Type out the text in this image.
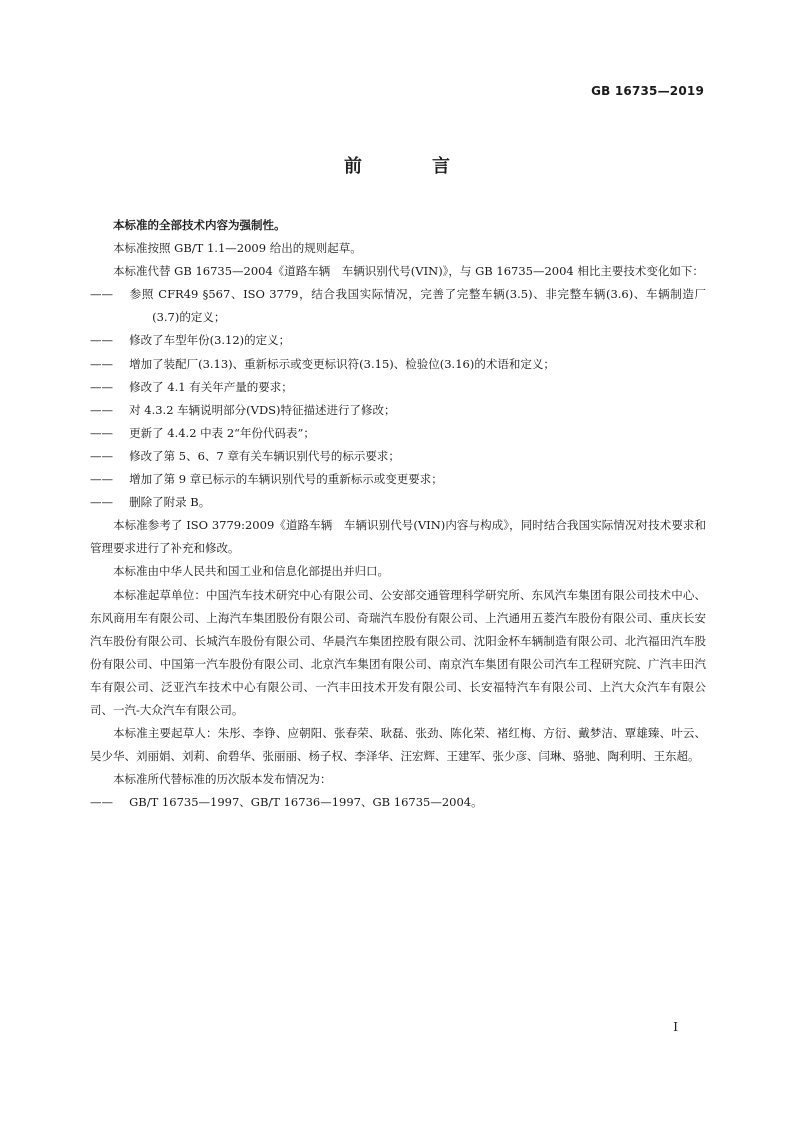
GB 16735—2019
前　言

本标准的全部技术内容为强制性。

本标准按照 GB/T 1.1—2009 给出的规则起草。

本标准代替 GB 16735—2004《道路车辆　车辆识别代号(VIN)》，与 GB 16735—2004 相比主要技术变化如下：

—— 参照 CFR49 §567、ISO 3779，结合我国实际情况，完善了完整车辆(3.5)、非完整车辆(3.6)、车辆制造厂(3.7)的定义；

—— 修改了车型年份(3.12)的定义；

—— 增加了装配厂(3.13)、重新标示或变更标识符(3.15)、检验位(3.16)的术语和定义；

—— 修改了 4.1 有关年产量的要求；

—— 对 4.3.2 车辆说明部分(VDS)特征描述进行了修改；

—— 更新了 4.4.2 中表 2“年份代码表”；

—— 修改了第 5、6、7 章有关车辆识别代号的标示要求；

—— 增加了第 9 章已标示的车辆识别代号的重新标示或变更要求；

—— 删除了附录 B。

本标准参考了 ISO 3779:2009《道路车辆　车辆识别代号(VIN)内容与构成》，同时结合我国实际情况对技术要求和管理要求进行了补充和修改。

本标准由中华人民共和国工业和信息化部提出并归口。

本标准起草单位：中国汽车技术研究中心有限公司、公安部交通管理科学研究所、东风汽车集团有限公司技术中心、东风商用车有限公司、上海汽车集团股份有限公司、奇瑞汽车股份有限公司、上汽通用五菱汽车股份有限公司、重庆长安汽车股份有限公司、长城汽车股份有限公司、华晨汽车集团控股有限公司、沈阳金杯车辆制造有限公司、北汽福田汽车股份有限公司、中国第一汽车股份有限公司、北京汽车集团有限公司、南京汽车集团有限公司汽车工程研究院、广汽丰田汽车有限公司、泛亚汽车技术中心有限公司、一汽丰田技术开发有限公司、长安福特汽车有限公司、上汽大众汽车有限公司、一汽-大众汽车有限公司。

本标准主要起草人：朱彤、李铮、应朝阳、张春荣、耿磊、张劲、陈化荣、褚红梅、方衍、戴梦洁、覃雄臻、叶云、吴少华、刘丽娟、刘莉、俞碧华、张丽丽、杨子权、李泽华、汪宏辉、王建军、张少彦、闫琳、骆驰、陶利明、王东超。

本标准所代替标准的历次版本发布情况为：

—— GB/T 16735—1997、GB/T 16736—1997、GB 16735—2004。

I
